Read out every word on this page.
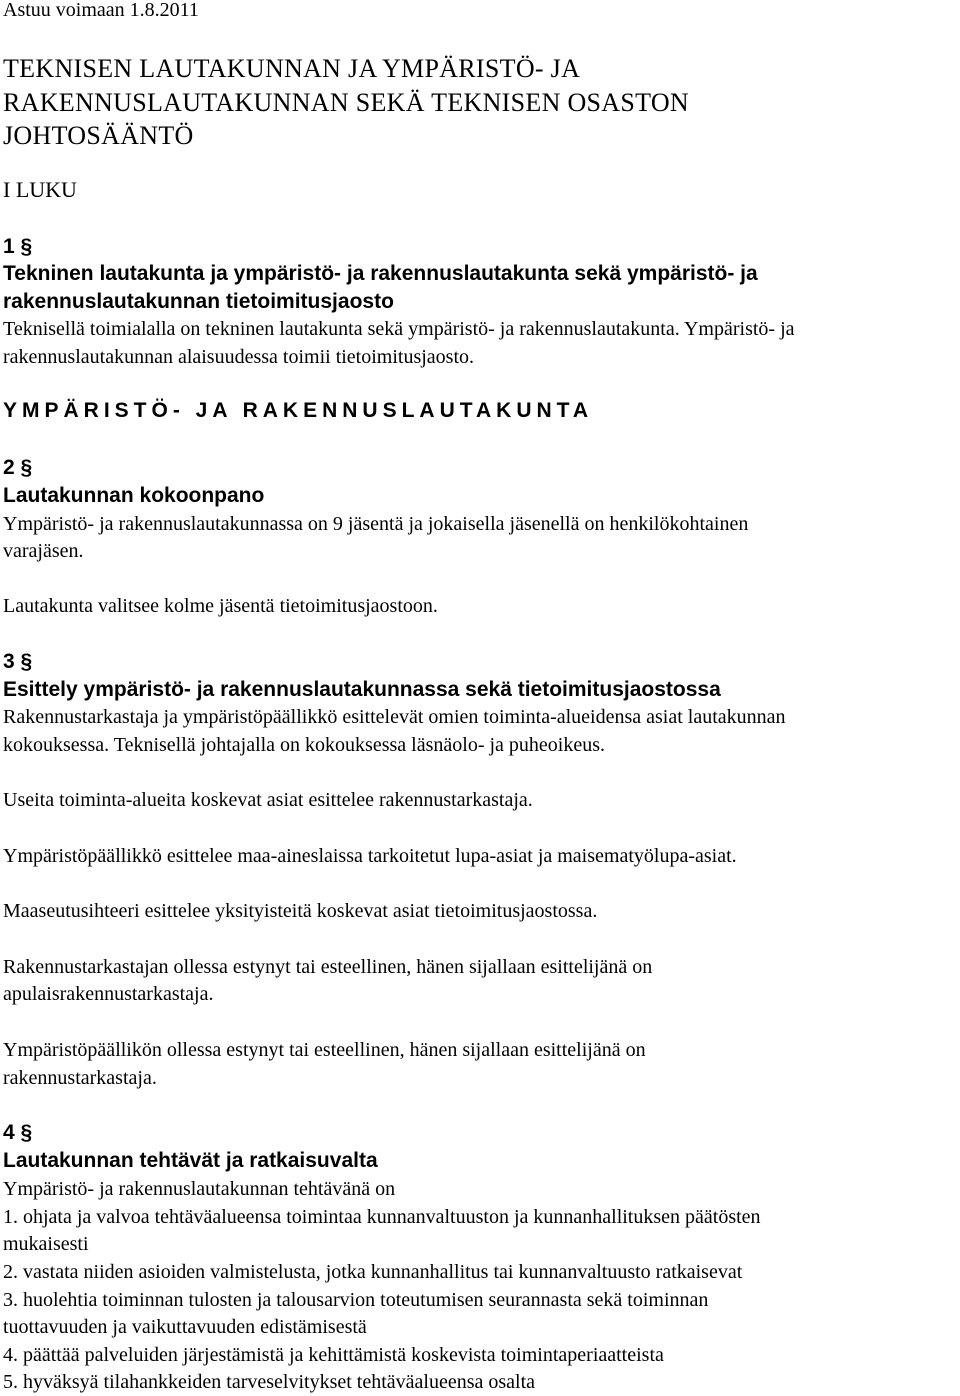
Astuu voimaan 1.8.2011
TEKNISEN LAUTAKUNNAN JA YMPÄRISTÖ- JA
RAKENNUSLAUTAKUNNAN SEKÄ TEKNISEN OSASTON
JOHTOSÄÄNTÖ
I LUKU
1 §
Tekninen lautakunta ja ympäristö- ja rakennuslautakunta sekä ympäristö- ja
rakennuslautakunnan tietoimitusjaosto
Teknisellä toimialalla on tekninen lautakunta sekä ympäristö- ja rakennuslautakunta. Ympäristö- ja
rakennuslautakunnan alaisuudessa toimii tietoimitusjaosto.
YMPÄRISTÖ- JA RAKENNUSLAUTAKUNTA
2 §
Lautakunnan kokoonpano
Ympäristö- ja rakennuslautakunnassa on 9 jäsentä ja jokaisella jäsenellä on henkilökohtainen
varajäsen.
Lautakunta valitsee kolme jäsentä tietoimitusjaostoon.
3 §
Esittely ympäristö- ja rakennuslautakunnassa sekä tietoimitusjaostossa
Rakennustarkastaja ja ympäristöpäällikkö esittelevät omien toiminta-alueidensa asiat lautakunnan
kokouksessa. Teknisellä johtajalla on kokouksessa läsnäolo- ja puheoikeus.
Useita toiminta-alueita koskevat asiat esittelee rakennustarkastaja.
Ympäristöpäällikkö esittelee maa-aineslaissa tarkoitetut lupa-asiat ja maisematyölupa-asiat.
Maaseutusihteeri esittelee yksityisteitä koskevat asiat tietoimitusjaostossa.
Rakennustarkastajan ollessa estynyt tai esteellinen, hänen sijallaan esittelijänä on
apulaisrakennustarkastaja.
Ympäristöpäällikön ollessa estynyt tai esteellinen, hänen sijallaan esittelijänä on
rakennustarkastaja.
4 §
Lautakunnan tehtävät ja ratkaisuvalta
Ympäristö- ja rakennuslautakunnan tehtävänä on
1. ohjata ja valvoa tehtäväalueensa toimintaa kunnanvaltuuston ja kunnanhallituksen päätösten
mukaisesti
2. vastata niiden asioiden valmistelusta, jotka kunnanhallitus tai kunnanvaltuusto ratkaisevat
3. huolehtia toiminnan tulosten ja talousarvion toteutumisen seurannasta sekä toiminnan
tuottavuuden ja vaikuttavuuden edistämisestä
4. päättää palveluiden järjestämistä ja kehittämistä koskevista toimintaperiaatteista
5. hyväksyä tilahankkeiden tarveselvitykset tehtäväalueensa osalta
